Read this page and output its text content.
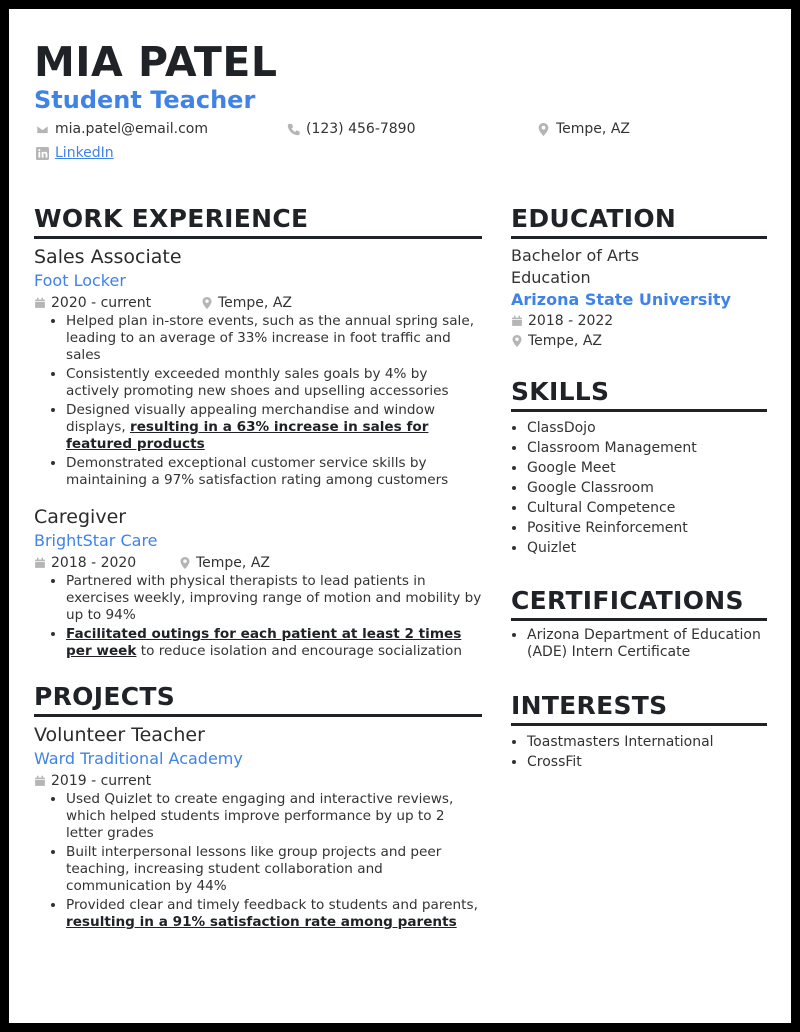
MIA PATEL
Student Teacher
mia.patel@email.com	(123) 456-7890	Tempe, AZ
LinkedIn
WORK EXPERIENCE
Sales Associate
Foot Locker
2020 - current	Tempe, AZ
• Helped plan in-store events, such as the annual spring sale, leading to an average of 33% increase in foot traffic and sales
• Consistently exceeded monthly sales goals by 4% by actively promoting new shoes and upselling accessories
• Designed visually appealing merchandise and window displays, resulting in a 63% increase in sales for featured products
• Demonstrated exceptional customer service skills by maintaining a 97% satisfaction rating among customers
Caregiver
BrightStar Care
2018 - 2020	Tempe, AZ
• Partnered with physical therapists to lead patients in exercises weekly, improving range of motion and mobility by up to 94%
• Facilitated outings for each patient at least 2 times per week to reduce isolation and encourage socialization
PROJECTS
Volunteer Teacher
Ward Traditional Academy
2019 - current
• Used Quizlet to create engaging and interactive reviews, which helped students improve performance by up to 2 letter grades
• Built interpersonal lessons like group projects and peer teaching, increasing student collaboration and communication by 44%
• Provided clear and timely feedback to students and parents, resulting in a 91% satisfaction rate among parents
EDUCATION
Bachelor of Arts
Education
Arizona State University
2018 - 2022
Tempe, AZ
SKILLS
• ClassDojo
• Classroom Management
• Google Meet
• Google Classroom
• Cultural Competence
• Positive Reinforcement
• Quizlet
CERTIFICATIONS
• Arizona Department of Education (ADE) Intern Certificate
INTERESTS
• Toastmasters International
• CrossFit
